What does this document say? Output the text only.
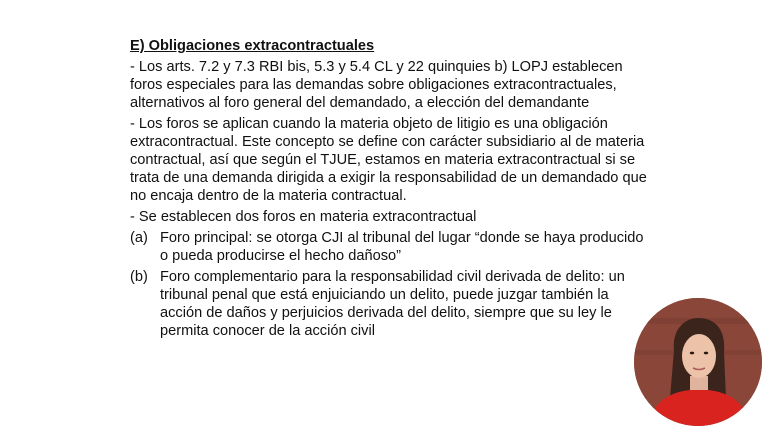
E) Obligaciones extracontractuales
- Los arts. 7.2 y 7.3 RBI bis, 5.3 y 5.4 CL y 22 quinquies b) LOPJ establecen foros especiales para las demandas sobre obligaciones extracontractuales, alternativos al foro general del demandado, a elección del demandante
- Los foros se aplican cuando la materia objeto de litigio es una obligación extracontractual. Este concepto se define con carácter subsidiario al de materia contractual, así que según el TJUE, estamos en materia extracontractual si se trata de una demanda dirigida a exigir la responsabilidad de un demandado que no encaja dentro de la materia contractual.
- Se establecen dos foros en materia extracontractual
(a) Foro principal: se otorga CJI al tribunal del lugar “donde se haya producido o pueda producirse el hecho dañoso”
(b) Foro complementario para la responsabilidad civil derivada de delito: un tribunal penal que está enjuiciando un delito, puede juzgar también la acción de daños y perjuicios derivada del delito, siempre que su ley le permita conocer de la acción civil
